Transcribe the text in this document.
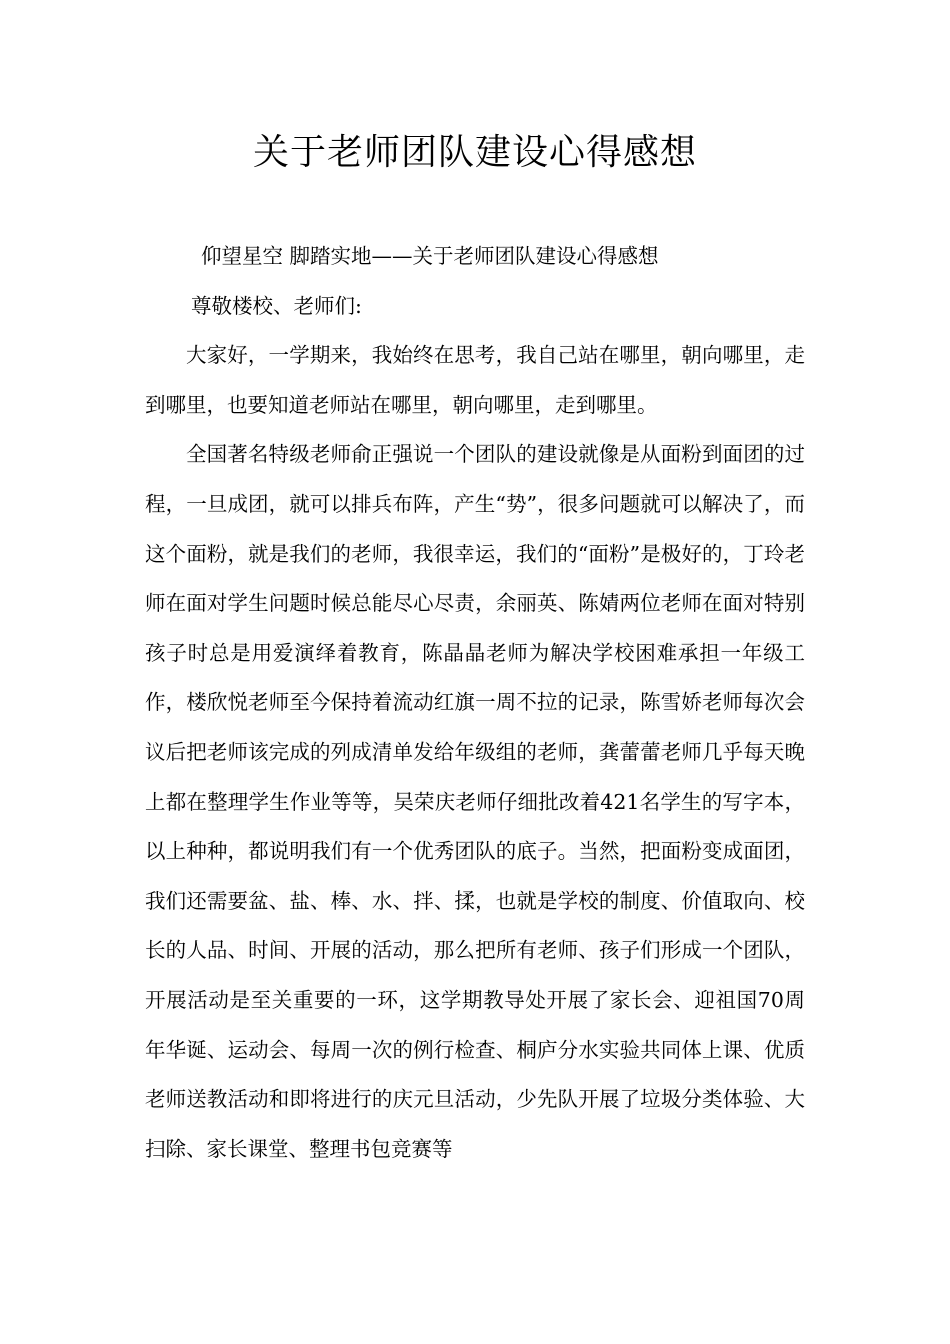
关于老师团队建设心得感想

仰望星空 脚踏实地——关于老师团队建设心得感想

尊敬楼校、老师们:

大家好，一学期来，我始终在思考，我自己站在哪里，朝向哪里，走到哪里，也要知道老师站在哪里，朝向哪里，走到哪里。

全国著名特级老师俞正强说一个团队的建设就像是从面粉到面团的过程，一旦成团，就可以排兵布阵，产生“势”，很多问题就可以解决了，而这个面粉，就是我们的老师，我很幸运，我们的“面粉”是极好的，丁玲老师在面对学生问题时候总能尽心尽责，余丽英、陈婧两位老师在面对特别孩子时总是用爱演绎着教育，陈晶晶老师为解决学校困难承担一年级工作，楼欣悦老师至今保持着流动红旗一周不拉的记录，陈雪娇老师每次会议后把老师该完成的列成清单发给年级组的老师，龚蕾蕾老师几乎每天晚上都在整理学生作业等等，吴荣庆老师仔细批改着421名学生的写字本，以上种种，都说明我们有一个优秀团队的底子。当然，把面粉变成面团，我们还需要盆、盐、棒、水、拌、揉，也就是学校的制度、价值取向、校长的人品、时间、开展的活动，那么把所有老师、孩子们形成一个团队，开展活动是至关重要的一环，这学期教导处开展了家长会、迎祖国70周年华诞、运动会、每周一次的例行检查、桐庐分水实验共同体上课、优质老师送教活动和即将进行的庆元旦活动，少先队开展了垃圾分类体验、大扫除、家长课堂、整理书包竞赛等
